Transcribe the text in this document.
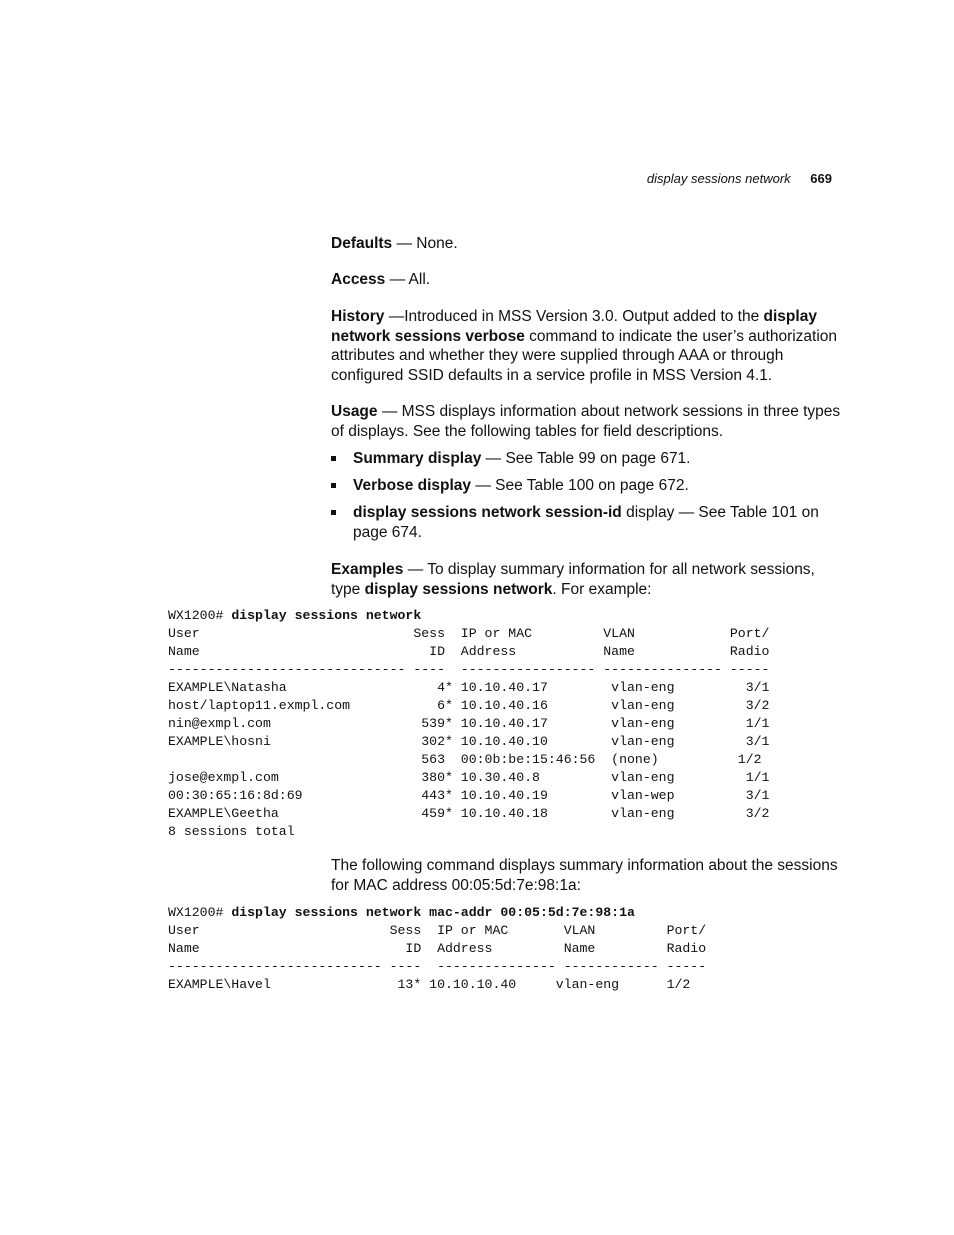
display sessions network 669
Defaults — None.
Access — All.
History —Introduced in MSS Version 3.0. Output added to the display network sessions verbose command to indicate the user’s authorization attributes and whether they were supplied through AAA or through configured SSID defaults in a service profile in MSS Version 4.1.
Usage — MSS displays information about network sessions in three types of displays. See the following tables for field descriptions.
Summary display — See Table 99 on page 671.
Verbose display — See Table 100 on page 672.
display sessions network session-id display — See Table 101 on page 674.
Examples — To display summary information for all network sessions, type display sessions network. For example:
WX1200# display sessions network
User                           Sess  IP or MAC         VLAN            Port/
Name                             ID  Address           Name            Radio
------------------------------ ----  ----------------- --------------- -----
EXAMPLE\Natasha                   4* 10.10.40.17        vlan-eng         3/1
host/laptop11.exmpl.com           6* 10.10.40.16        vlan-eng         3/2
nin@exmpl.com                   539* 10.10.40.17        vlan-eng         1/1
EXAMPLE\hosni                   302* 10.10.40.10        vlan-eng         3/1
563  00:0b:be:15:46:56  (none)          1/2
jose@exmpl.com                  380* 10.30.40.8         vlan-eng         1/1
00:30:65:16:8d:69               443* 10.10.40.19        vlan-wep         3/1
EXAMPLE\Geetha                  459* 10.10.40.18        vlan-eng         3/2
8 sessions total
The following command displays summary information about the sessions for MAC address 00:05:5d:7e:98:1a:
WX1200# display sessions network mac-addr 00:05:5d:7e:98:1a
User                        Sess  IP or MAC       VLAN         Port/
Name                          ID  Address         Name         Radio
--------------------------- ----  --------------- ------------ -----
EXAMPLE\Havel                13* 10.10.10.40     vlan-eng      1/2
